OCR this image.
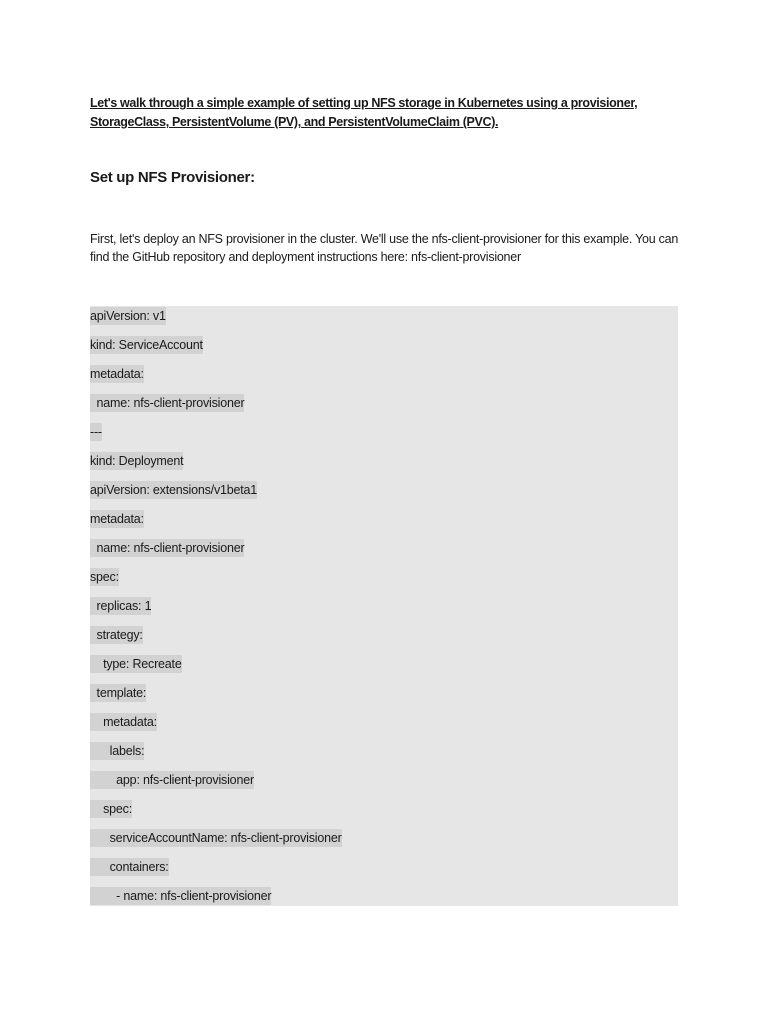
Let's walk through a simple example of setting up NFS storage in Kubernetes using a provisioner, StorageClass, PersistentVolume (PV), and PersistentVolumeClaim (PVC).

Set up NFS Provisioner:

First, let's deploy an NFS provisioner in the cluster. We'll use the nfs-client-provisioner for this example. You can find the GitHub repository and deployment instructions here: nfs-client-provisioner

apiVersion: v1
kind: ServiceAccount
metadata:
name: nfs-client-provisioner
---
kind: Deployment
apiVersion: extensions/v1beta1
metadata:
name: nfs-client-provisioner
spec:
replicas: 1
strategy:
type: Recreate
template:
metadata:
labels:
app: nfs-client-provisioner
spec:
serviceAccountName: nfs-client-provisioner
containers:
- name: nfs-client-provisioner
